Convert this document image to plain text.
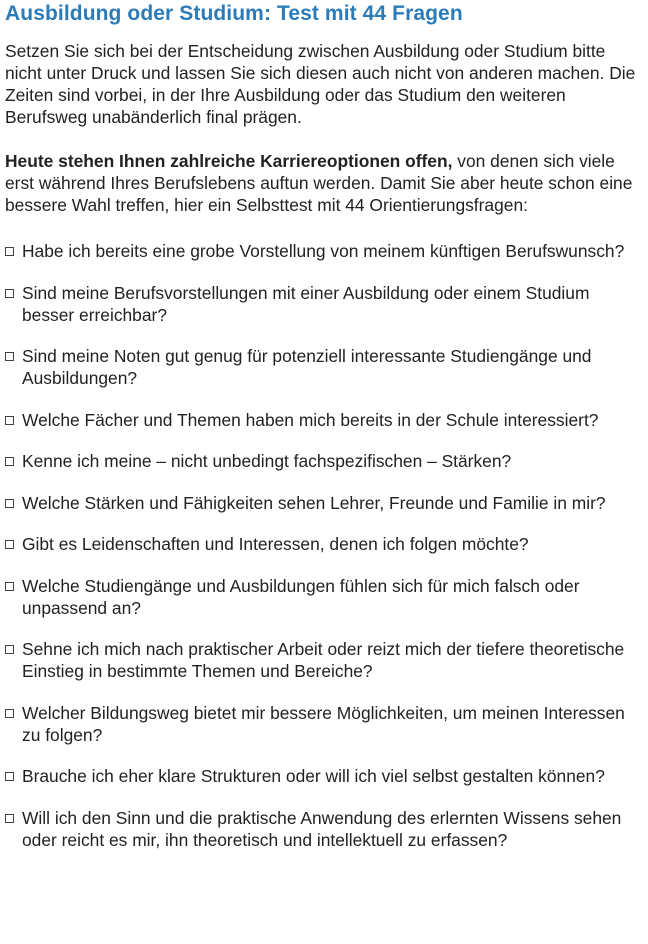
Ausbildung oder Studium: Test mit 44 Fragen

Setzen Sie sich bei der Entscheidung zwischen Ausbildung oder Studium bitte nicht unter Druck und lassen Sie sich diesen auch nicht von anderen machen. Die Zeiten sind vorbei, in der Ihre Ausbildung oder das Studium den weiteren Berufsweg unabänderlich final prägen.

Heute stehen Ihnen zahlreiche Karriereoptionen offen, von denen sich viele erst während Ihres Berufslebens auftun werden. Damit Sie aber heute schon eine bessere Wahl treffen, hier ein Selbsttest mit 44 Orientierungsfragen:

Habe ich bereits eine grobe Vorstellung von meinem künftigen Berufswunsch?
Sind meine Berufsvorstellungen mit einer Ausbildung oder einem Studium besser erreichbar?
Sind meine Noten gut genug für potenziell interessante Studiengänge und Ausbildungen?
Welche Fächer und Themen haben mich bereits in der Schule interessiert?
Kenne ich meine – nicht unbedingt fachspezifischen – Stärken?
Welche Stärken und Fähigkeiten sehen Lehrer, Freunde und Familie in mir?
Gibt es Leidenschaften und Interessen, denen ich folgen möchte?
Welche Studiengänge und Ausbildungen fühlen sich für mich falsch oder unpassend an?
Sehne ich mich nach praktischer Arbeit oder reizt mich der tiefere theoretische Einstieg in bestimmte Themen und Bereiche?
Welcher Bildungsweg bietet mir bessere Möglichkeiten, um meinen Interessen zu folgen?
Brauche ich eher klare Strukturen oder will ich viel selbst gestalten können?
Will ich den Sinn und die praktische Anwendung des erlernten Wissens sehen oder reicht es mir, ihn theoretisch und intellektuell zu erfassen?
